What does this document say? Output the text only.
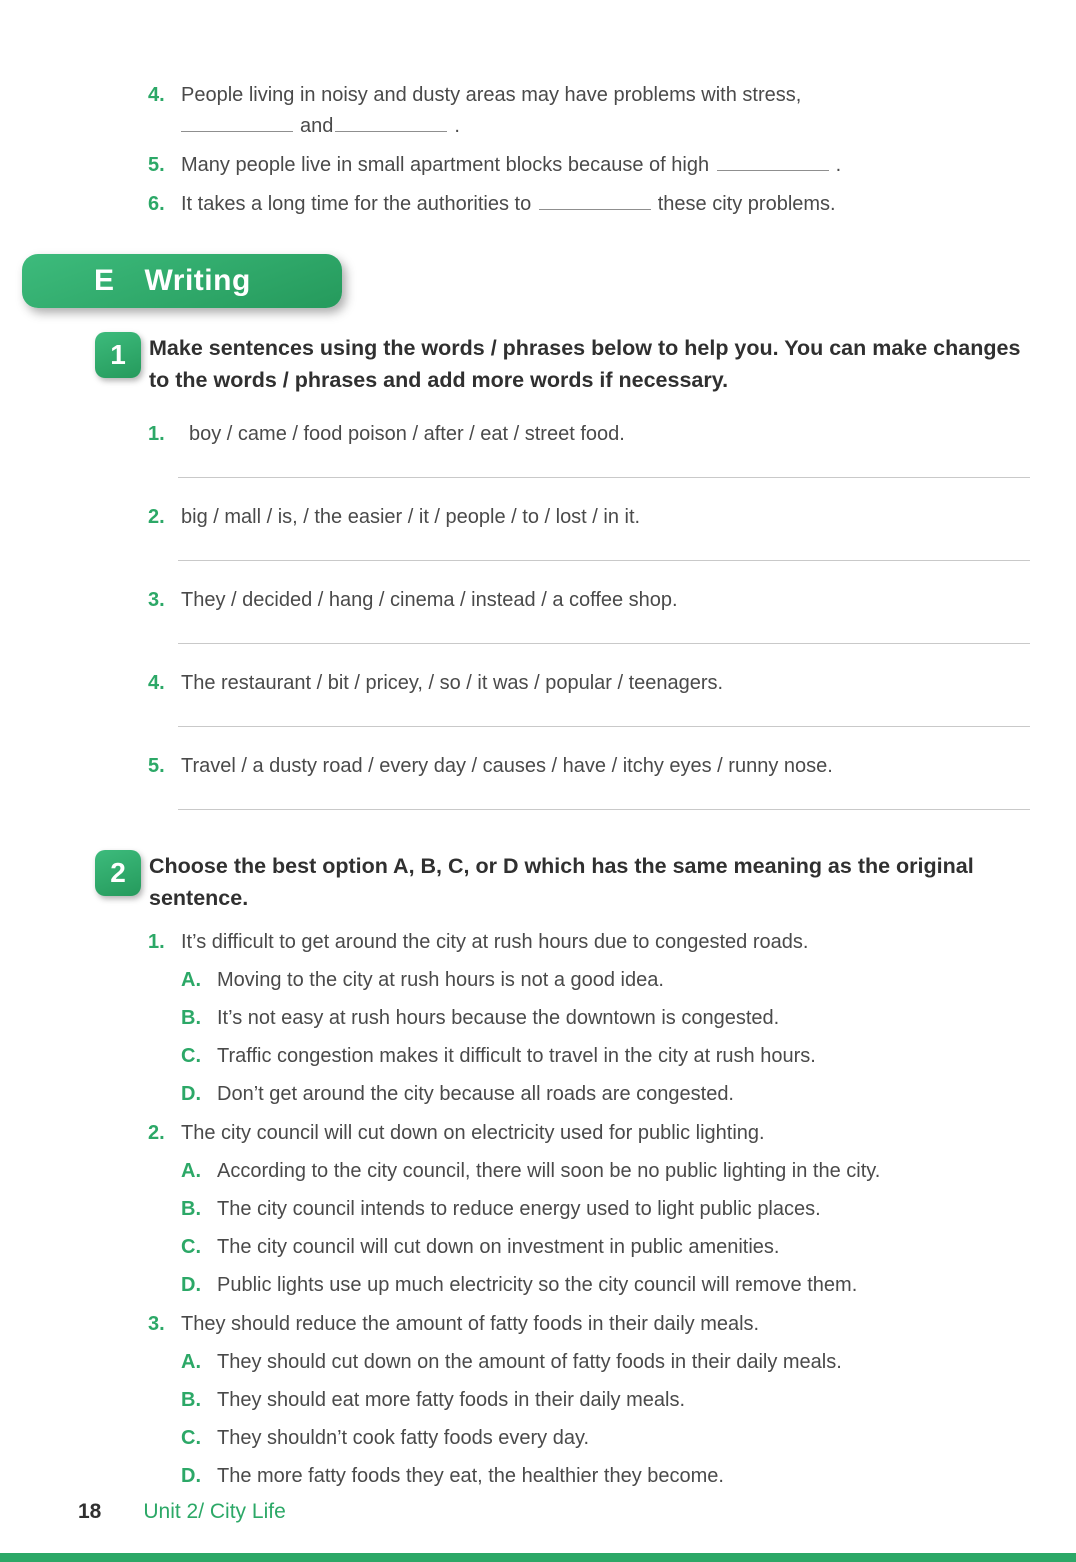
4. People living in noisy and dusty areas may have problems with stress,
and	.
5. Many people live in small apartment blocks because of high	.
6. It takes a long time for the authorities to	these city problems.
E Writing
1	Make sentences using the words / phrases below to help you. You can make changes to the words / phrases and add more words if necessary.

1.	boy / came / food poison / after / eat / street food.
2. big / mall / is, / the easier / it / people / to / lost / in it.
3. They / decided / hang / cinema / instead / a coffee shop.
4. The restaurant / bit / pricey, / so / it was / popular / teenagers.
5. Travel / a dusty road / every day / causes / have / itchy eyes / runny nose.
2	Choose the best option A, B, C, or D which has the same meaning as the original sentence.

1. It’s difficult to get around the city at rush hours due to congested roads.
A. Moving to the city at rush hours is not a good idea.
B. It’s not easy at rush hours because the downtown is congested.
C. Traffic congestion makes it difficult to travel in the city at rush hours.
D. Don’t get around the city because all roads are congested.
2. The city council will cut down on electricity used for public lighting.
A. According to the city council, there will soon be no public lighting in the city.
B. The city council intends to reduce energy used to light public places.
C. The city council will cut down on investment in public amenities.
D. Public lights use up much electricity so the city council will remove them.
3. They should reduce the amount of fatty foods in their daily meals.
A. They should cut down on the amount of fatty foods in their daily meals.
B. They should eat more fatty foods in their daily meals.
C. They shouldn’t cook fatty foods every day.
D. The more fatty foods they eat, the healthier they become.
18 Unit 2/ City Life
